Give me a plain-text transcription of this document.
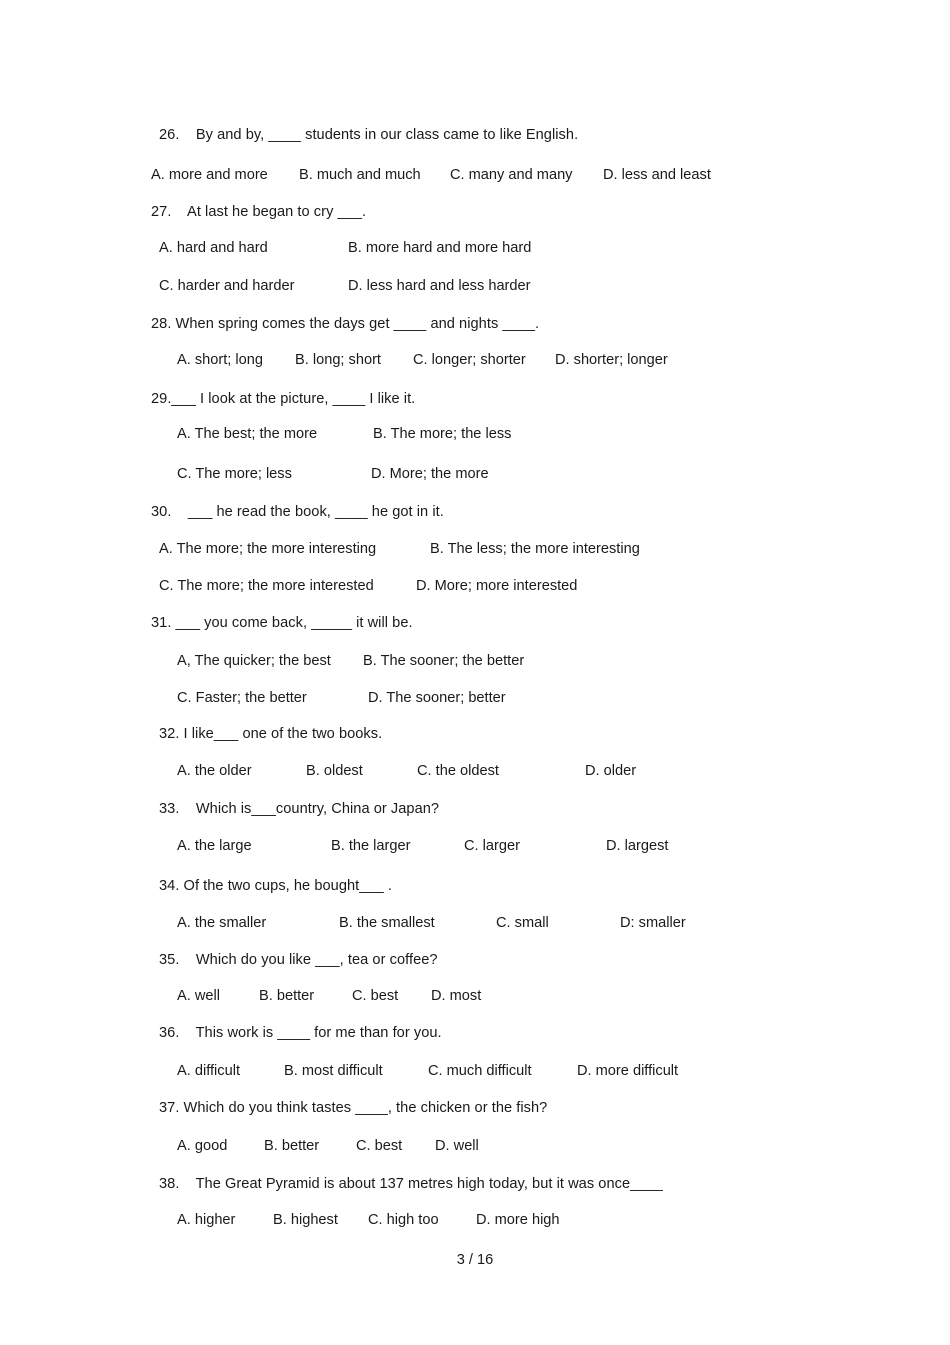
26.    By and by, ____ students in our class came to like English.
A. more and more B. much and much C. many and many D. less and least
27.    At last he began to cry ___.
A. hard and hard	B. more hard and more hard
C. harder and harder	D. less hard and less harder
28. When spring comes the days get ____ and nights ____.
A. short; long B. long; short C. longer; shorter D. shorter; longer
29.___ I look at the picture, ____ I like it.
A. The best; the more	B. The more; the less
C. The more; less	D. More; the more
30.    ___ he read the book, ____ he got in it.
A. The more; the more interesting	B. The less; the more interesting
C. The more; the more interested	D. More; more interested
31. ___ you come back, _____ it will be.
A, The quicker; the best B. The sooner; the better
C. Faster; the better	D. The sooner; better
32. I like___ one of the two books.
A. the older	B. oldest	C. the oldest	D. older
33.    Which is___country, China or Japan?
A. the large	B. the larger	C. larger	D. largest
34. Of the two cups, he bought___ .
A. the smaller	B. the smallest	C. small	D: smaller
35.    Which do you like ___, tea or coffee?
A. well	B. better	C. best D. most
36.    This work is ____ for me than for you.
A. difficult	B. most difficult	C. much difficult	D. more difficult
37. Which do you think tastes ____, the chicken or the fish?
A. good	B. better	C. best D. well
38.    The Great Pyramid is about 137 metres high today, but it was once____
A. higher	B. highest C. high too	D. more high
3 / 16
